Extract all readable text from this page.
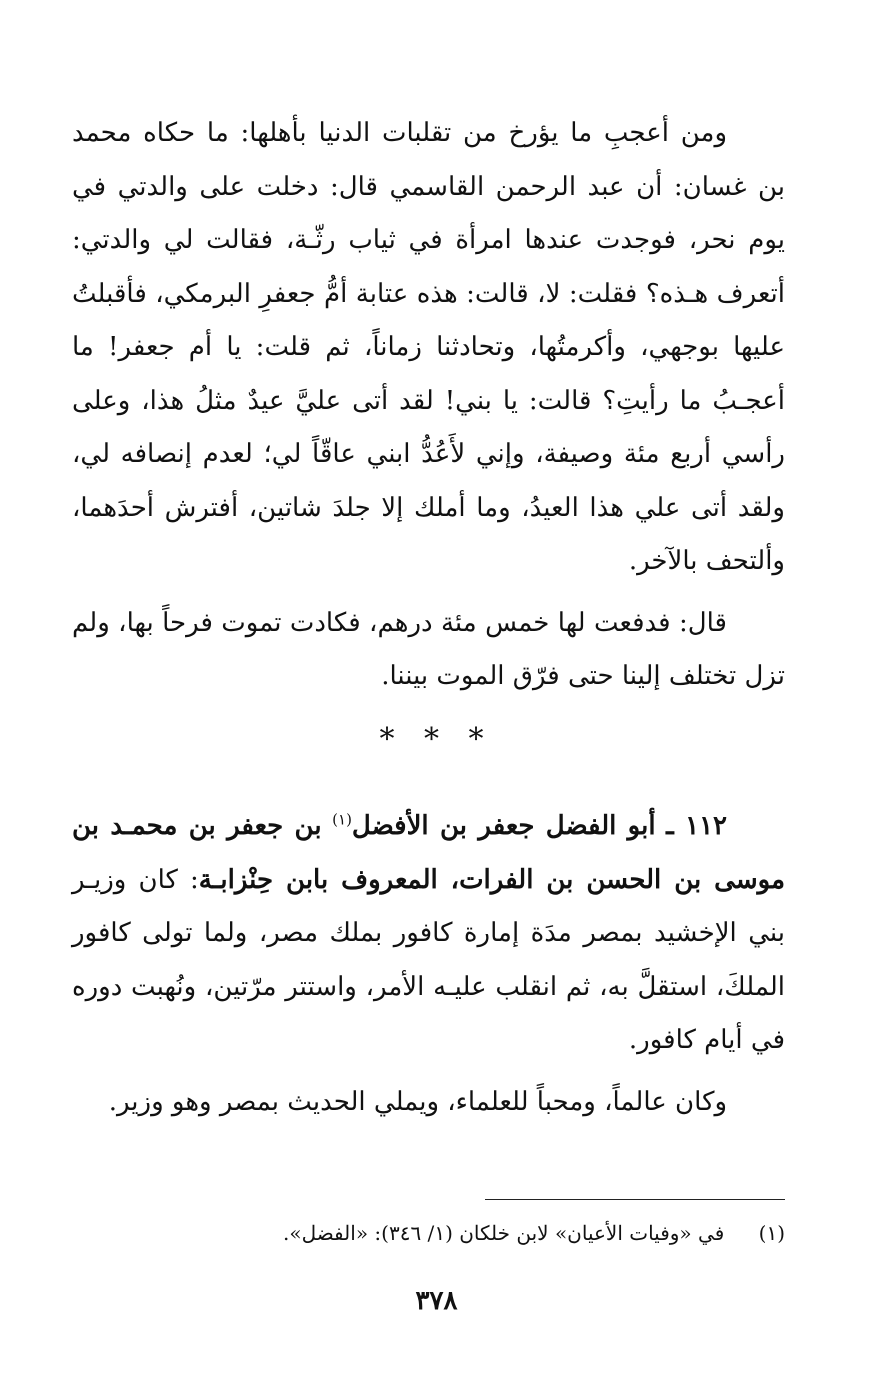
ومن أعجبِ ما يؤرخ من تقلبات الدنيا بأهلها: ما حكاه محمد بن غسان: أن عبد الرحمن القاسمي قال: دخلت على والدتي في يوم نحر، فوجدت عندها امرأة في ثياب رثّـة، فقالت لي والدتي: أتعرف هـذه؟ فقلت: لا، قالت: هذه عتابة أمُّ جعفرِ البرمكي، فأقبلتُ عليها بوجهي، وأكرمتُها، وتحادثنا زماناً، ثم قلت: يا أم جعفر! ما أعجـبُ ما رأيتِ؟ قالت: يا بني! لقد أتى عليَّ عيدٌ مثلُ هذا، وعلى رأسي أربع مئة وصيفة، وإني لأَعُدُّ ابني عاقّاً لي؛ لعدم إنصافه لي، ولقد أتى علي هذا العيدُ، وما أملك إلا جلدَ شاتين، أفترش أحدَهما، وألتحف بالآخر.
قال: فدفعت لها خمس مئة درهم، فكادت تموت فرحاً بها، ولم تزل تختلف إلينا حتى فرّق الموت بيننا.
* * *
١١٢ ـ أبو الفضل جعفر بن الأفضل$^{(١)}$ بن جعفر بن محمـد بن موسى بن الحسن بن الفرات، المعروف بابن حِنْزابـة: كان وزيـر بني الإخشيد بمصر مدَة إمارة كافور بملك مصر، ولما تولى كافور الملكَ، استقلَّ به، ثم انقلب عليـه الأمر، واستتر مرّتين، ونُهبت دوره في أيام كافور.
وكان عالماً، ومحباً للعلماء، ويملي الحديث بمصر وهو وزير.
(١) في «وفيات الأعيان» لابن خلكان (١/ ٣٤٦): «الفضل».
٣٧٨
